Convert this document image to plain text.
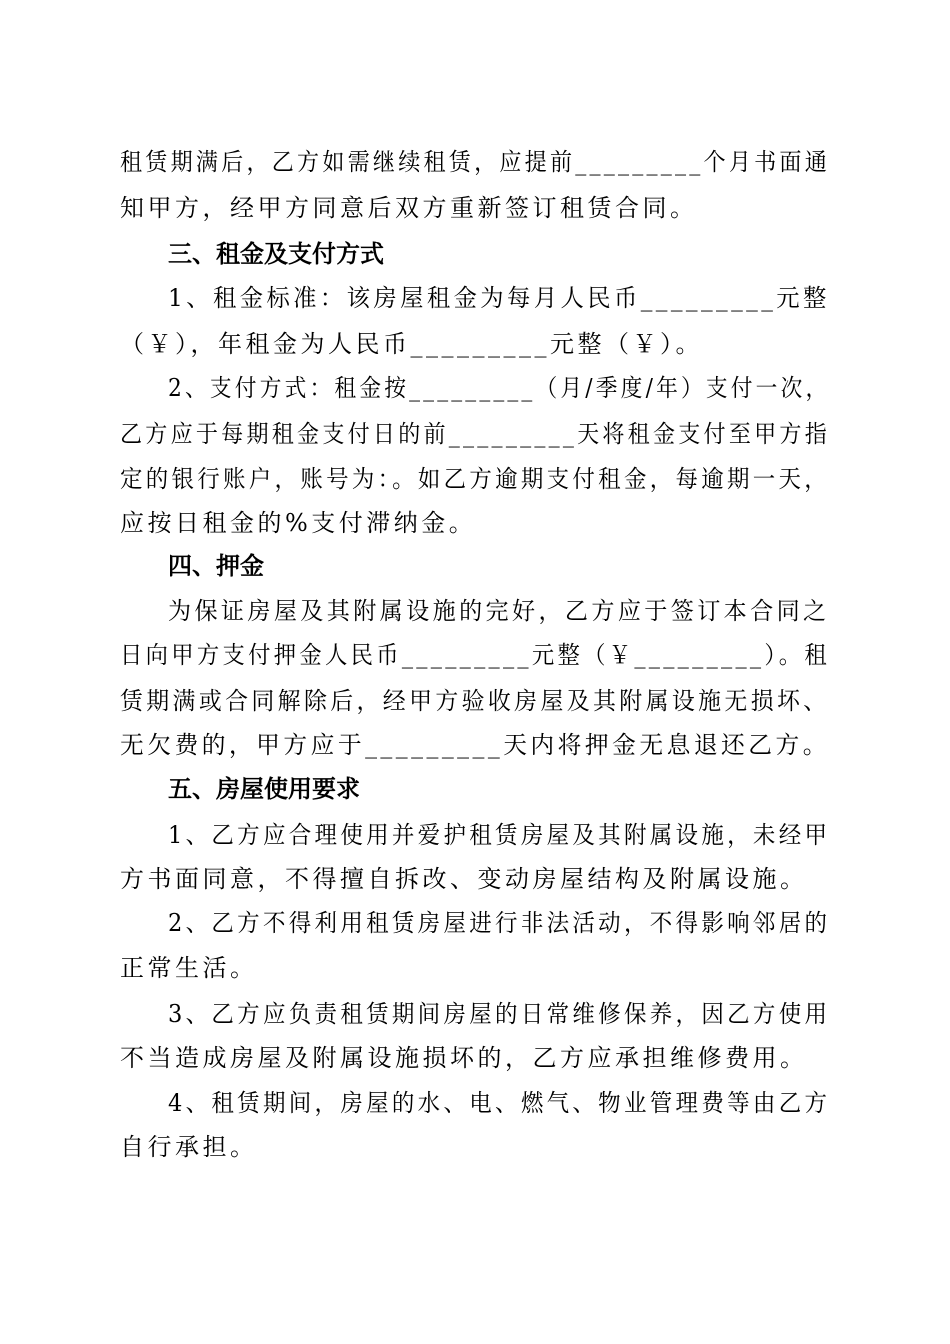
租赁期满后，乙方如需继续租赁，应提前_________个月书面通
知甲方，经甲方同意后双方重新签订租赁合同。
三、租金及支付方式
1、租金标准：该房屋租金为每月人民币_________元整
（￥），年租金为人民币_________元整（￥）。
2、支付方式：租金按_________（月/季度/年）支付一次，
乙方应于每期租金支付日的前_________天将租金支付至甲方指
定的银行账户，账号为：。如乙方逾期支付租金，每逾期一天，
应按日租金的%支付滞纳金。
四、押金
为保证房屋及其附属设施的完好，乙方应于签订本合同之
日向甲方支付押金人民币_________元整（￥_________）。租
赁期满或合同解除后，经甲方验收房屋及其附属设施无损坏、
无欠费的，甲方应于_________天内将押金无息退还乙方。
五、房屋使用要求
1、乙方应合理使用并爱护租赁房屋及其附属设施，未经甲
方书面同意，不得擅自拆改、变动房屋结构及附属设施。
2、乙方不得利用租赁房屋进行非法活动，不得影响邻居的
正常生活。
3、乙方应负责租赁期间房屋的日常维修保养，因乙方使用
不当造成房屋及附属设施损坏的，乙方应承担维修费用。
4、租赁期间，房屋的水、电、燃气、物业管理费等由乙方
自行承担。
